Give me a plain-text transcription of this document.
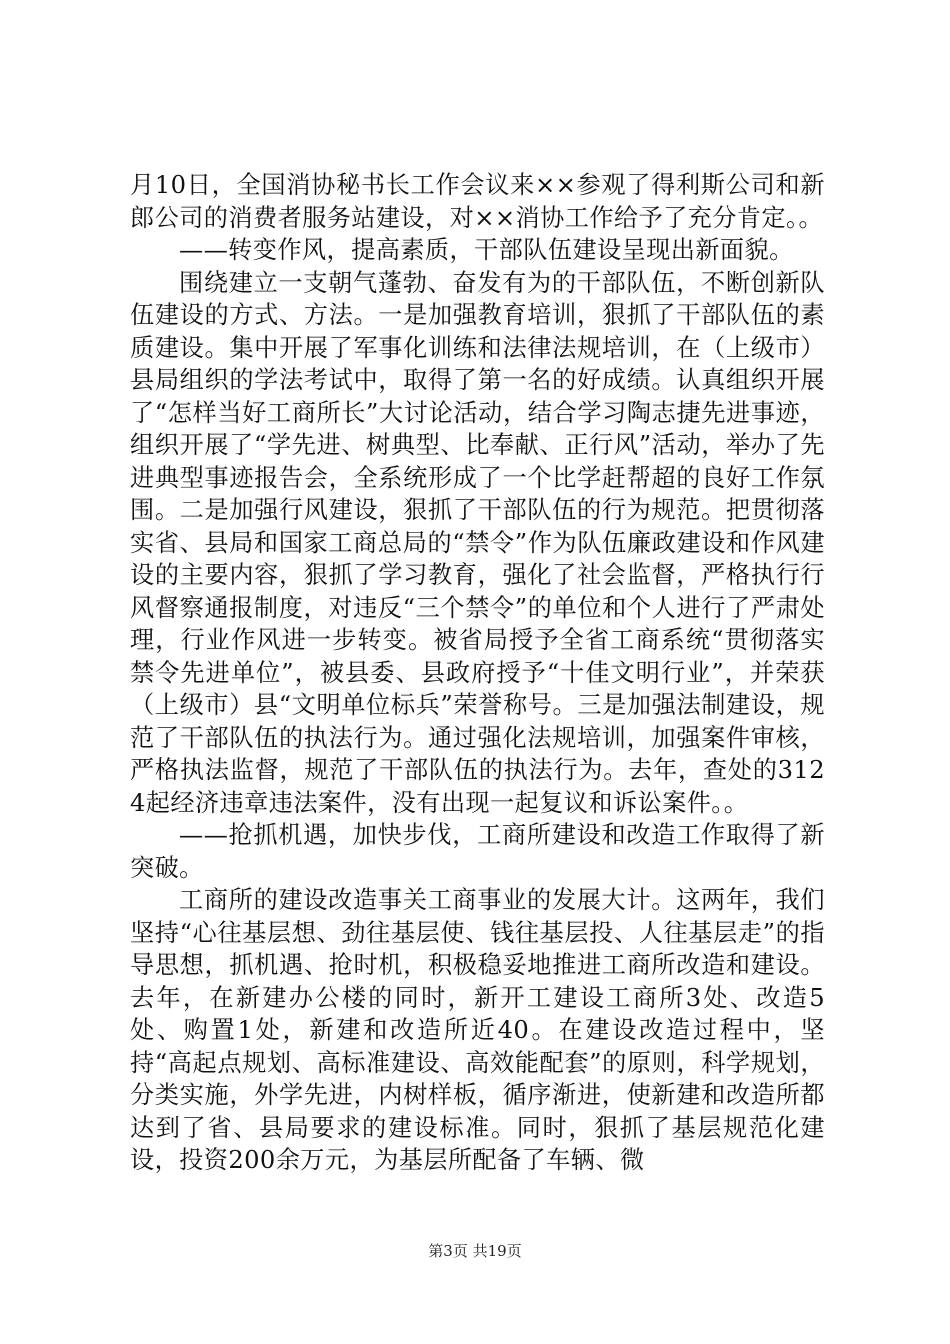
月10日，全国消协秘书长工作会议来××参观了得利斯公司和新郎公司的消费者服务站建设，对××消协工作给予了充分肯定。。

——转变作风，提高素质，干部队伍建设呈现出新面貌。

围绕建立一支朝气蓬勃、奋发有为的干部队伍，不断创新队伍建设的方式、方法。一是加强教育培训，狠抓了干部队伍的素质建设。集中开展了军事化训练和法律法规培训，在（上级市）县局组织的学法考试中，取得了第一名的好成绩。认真组织开展了“怎样当好工商所长”大讨论活动，结合学习陶志捷先进事迹，组织开展了“学先进、树典型、比奉献、正行风”活动，举办了先进典型事迹报告会，全系统形成了一个比学赶帮超的良好工作氛围。二是加强行风建设，狠抓了干部队伍的行为规范。把贯彻落实省、县局和国家工商总局的“禁令”作为队伍廉政建设和作风建设的主要内容，狠抓了学习教育，强化了社会监督，严格执行行风督察通报制度，对违反“三个禁令”的单位和个人进行了严肃处理，行业作风进一步转变。被省局授予全省工商系统“贯彻落实禁令先进单位”，被县委、县政府授予“十佳文明行业”，并荣获（上级市）县“文明单位标兵”荣誉称号。三是加强法制建设，规范了干部队伍的执法行为。通过强化法规培训，加强案件审核，严格执法监督，规范了干部队伍的执法行为。去年，查处的3124起经济违章违法案件，没有出现一起复议和诉讼案件。。

——抢抓机遇，加快步伐，工商所建设和改造工作取得了新突破。

工商所的建设改造事关工商事业的发展大计。这两年，我们坚持“心往基层想、劲往基层使、钱往基层投、人往基层走”的指导思想，抓机遇、抢时机，积极稳妥地推进工商所改造和建设。去年，在新建办公楼的同时，新开工建设工商所3处、改造5处、购置1处，新建和改造所近40。在建设改造过程中，坚持“高起点规划、高标准建设、高效能配套”的原则，科学规划，分类实施，外学先进，内树样板，循序渐进，使新建和改造所都达到了省、县局要求的建设标准。同时，狠抓了基层规范化建设，投资200余万元，为基层所配备了车辆、微

第3页 共19页
